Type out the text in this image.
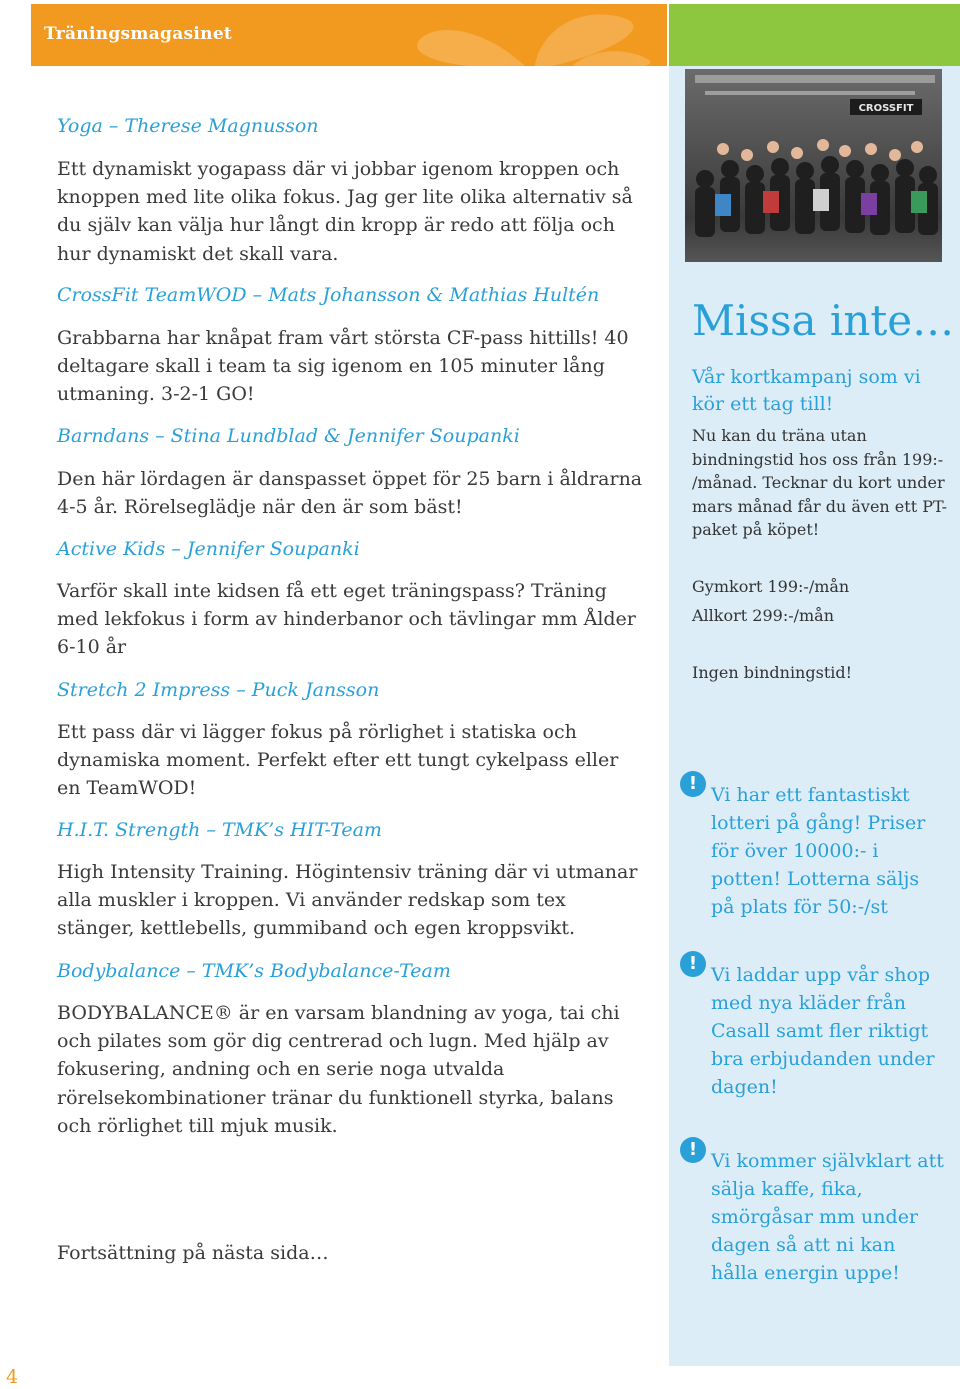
Träningsmagasinet
Yoga – Therese Magnusson
Ett dynamiskt yogapass där vi jobbar igenom kroppen och knoppen med lite olika fokus. Jag ger lite olika alternativ så du själv kan välja hur långt din kropp är redo att följa och hur dynamiskt det skall vara.
CrossFit TeamWOD – Mats Johansson & Mathias Hultén
Grabbarna har knåpat fram vårt största CF-pass hittills! 40 deltagare skall i team ta sig igenom en 105 minuter lång utmaning. 3-2-1 GO!
Barndans – Stina Lundblad & Jennifer Soupanki
Den här lördagen är danspasset öppet för 25 barn i åldrarna 4-5 år. Rörelseglädje när den är som bäst!
Active Kids – Jennifer Soupanki
Varför skall inte kidsen få ett eget träningspass? Träning med lekfokus i form av hinderbanor och tävlingar mm Ålder 6-10 år
Stretch 2 Impress – Puck Jansson
Ett pass där vi lägger fokus på rörlighet i statiska och dynamiska moment. Perfekt efter ett tungt cykelpass eller en TeamWOD!
H.I.T. Strength – TMK’s HIT-Team
High Intensity Training. Högintensiv träning där vi utmanar alla muskler i kroppen. Vi använder redskap som tex stänger, kettlebells, gummiband och egen kroppsvikt.
Bodybalance – TMK’s Bodybalance-Team
BODYBALANCE® är en varsam blandning av yoga, tai chi och pilates som gör dig centrerad och lugn. Med hjälp av fokusering, andning och en serie noga utvalda rörelsekombinationer tränar du funktionell styrka, balans och rörlighet till mjuk musik.
Fortsättning på nästa sida…
CROSSFIT
Missa inte…
Vår kortkampanj som vi kör ett tag till!
Nu kan du träna utan bindningstid hos oss från 199:- /månad. Tecknar du kort under mars månad får du även ett PT-paket på köpet!
Gymkort 199:-/mån
Allkort 299:-/mån
Ingen bindningstid!
!
Vi har ett fantastiskt lotteri på gång! Priser för över 10000:- i potten! Lotterna säljs på plats för 50:-/st
!
Vi laddar upp vår shop med nya kläder från Casall samt fler riktigt bra erbjudanden under dagen!
!
Vi kommer självklart att sälja kaffe, fika, smörgåsar mm under dagen så att ni kan hålla energin uppe!
4
